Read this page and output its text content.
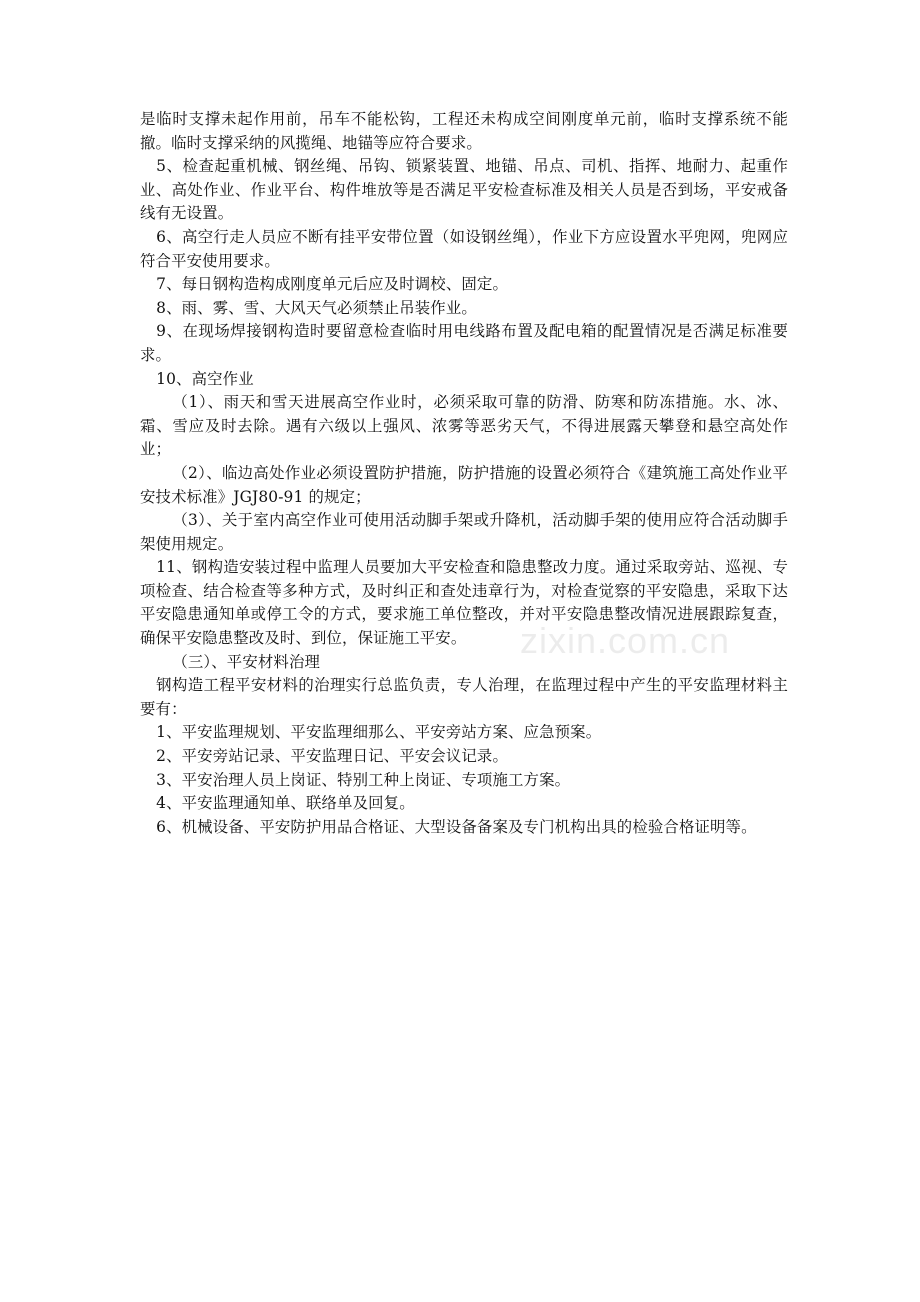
zixin.com.cn

是临时支撑未起作用前，吊车不能松钩，工程还未构成空间刚度单元前，临时支撑系统不能撤。临时支撑采纳的风揽绳、地锚等应符合要求。

5、检查起重机械、钢丝绳、吊钩、锁紧装置、地锚、吊点、司机、指挥、地耐力、起重作业、高处作业、作业平台、构件堆放等是否满足平安检查标准及相关人员是否到场，平安戒备线有无设置。

6、高空行走人员应不断有挂平安带位置（如设钢丝绳），作业下方应设置水平兜网，兜网应符合平安使用要求。

7、每日钢构造构成刚度单元后应及时调校、固定。

8、雨、雾、雪、大风天气必须禁止吊装作业。

9、在现场焊接钢构造时要留意检查临时用电线路布置及配电箱的配置情况是否满足标准要求。

10、高空作业

（1）、雨天和雪天进展高空作业时，必须采取可靠的防滑、防寒和防冻措施。水、冰、霜、雪应及时去除。遇有六级以上强风、浓雾等恶劣天气，不得进展露天攀登和悬空高处作业；

（2）、临边高处作业必须设置防护措施，防护措施的设置必须符合《建筑施工高处作业平安技术标准》JGJ80-91 的规定；

（3）、关于室内高空作业可使用活动脚手架或升降机，活动脚手架的使用应符合活动脚手架使用规定。

11、钢构造安装过程中监理人员要加大平安检查和隐患整改力度。通过采取旁站、巡视、专项检查、结合检查等多种方式，及时纠正和查处违章行为，对检查觉察的平安隐患，采取下达平安隐患通知单或停工令的方式，要求施工单位整改，并对平安隐患整改情况进展跟踪复查，确保平安隐患整改及时、到位，保证施工平安。

（三）、平安材料治理

钢构造工程平安材料的治理实行总监负责，专人治理，在监理过程中产生的平安监理材料主要有：

1、平安监理规划、平安监理细那么、平安旁站方案、应急预案。

2、平安旁站记录、平安监理日记、平安会议记录。

3、平安治理人员上岗证、特别工种上岗证、专项施工方案。

4、平安监理通知单、联络单及回复。

6、机械设备、平安防护用品合格证、大型设备备案及专门机构出具的检验合格证明等。
